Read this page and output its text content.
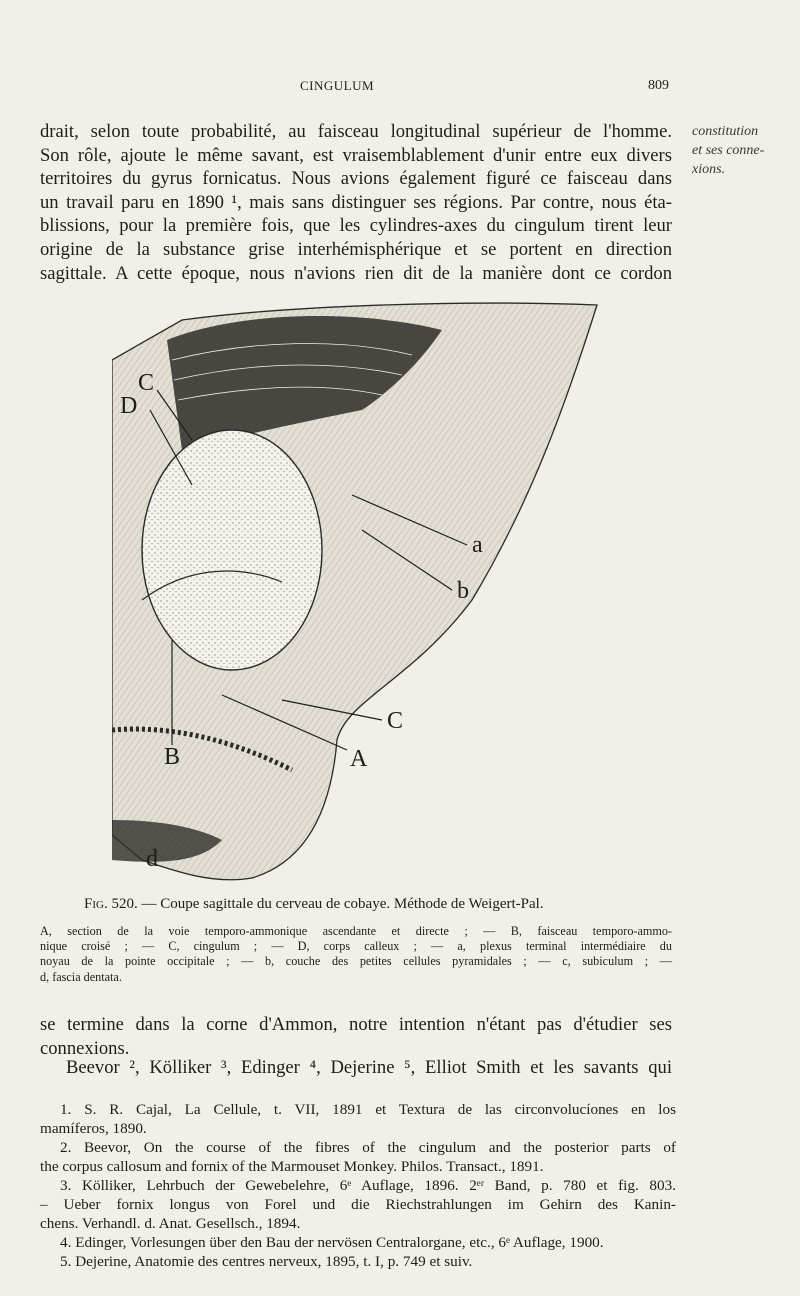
CINGULUM	809
drait, selon toute probabilité, au faisceau longitudinal supérieur de l'homme.
Son rôle, ajoute le même savant, est vraisemblablement d'unir entre eux divers
territoires du gyrus fornicatus. Nous avions également figuré ce faisceau dans
un travail paru en 1890 ¹, mais sans distinguer ses régions. Par contre, nous éta-
blissions, pour la première fois, que les cylindres-axes du cingulum tirent leur
origine de la substance grise interhémisphérique et se portent en direction
sagittale. A cette époque, nous n'avions rien dit de la manière dont ce cordon
constitution
et ses conne-
xions.
D
C
a
b
C
B	A
d
Fig. 520. — Coupe sagittale du cerveau de cobaye. Méthode de Weigert-Pal.
A, section de la voie temporo-ammonique ascendante et directe ; — B, faisceau temporo-ammo-
nique croisé ; — C, cingulum ; — D, corps calleux ; — a, plexus terminal intermédiaire du
noyau de la pointe occipitale ; — b, couche des petites cellules pyramidales ; — c, subiculum ; —
d, fascia dentata.
se termine dans la corne d'Ammon, notre intention n'étant pas d'étudier ses
connexions.
Beevor ², Kölliker ³, Edinger ⁴, Dejerine ⁵, Elliot Smith et les savants qui
1. S. R. Cajal, La Cellule, t. VII, 1891 et Textura de las circonvolucíones en los
mamíferos, 1890.
2. Beevor, On the course of the fibres of the cingulum and the posterior parts of
the corpus callosum and fornix of the Marmouset Monkey. Philos. Transact., 1891.
3. Kölliker, Lehrbuch der Gewebelehre, 6ᵉ Auflage, 1896. 2ᵉʳ Band, p. 780 et fig. 803.
– Ueber fornix longus von Forel und die Riechstrahlungen im Gehirn des Kanin-
chens. Verhandl. d. Anat. Gesellsch., 1894.
4. Edinger, Vorlesungen über den Bau der nervösen Centralorgane, etc., 6ᵉ Auflage, 1900.
5. Dejerine, Anatomie des centres nerveux, 1895, t. I, p. 749 et suiv.
